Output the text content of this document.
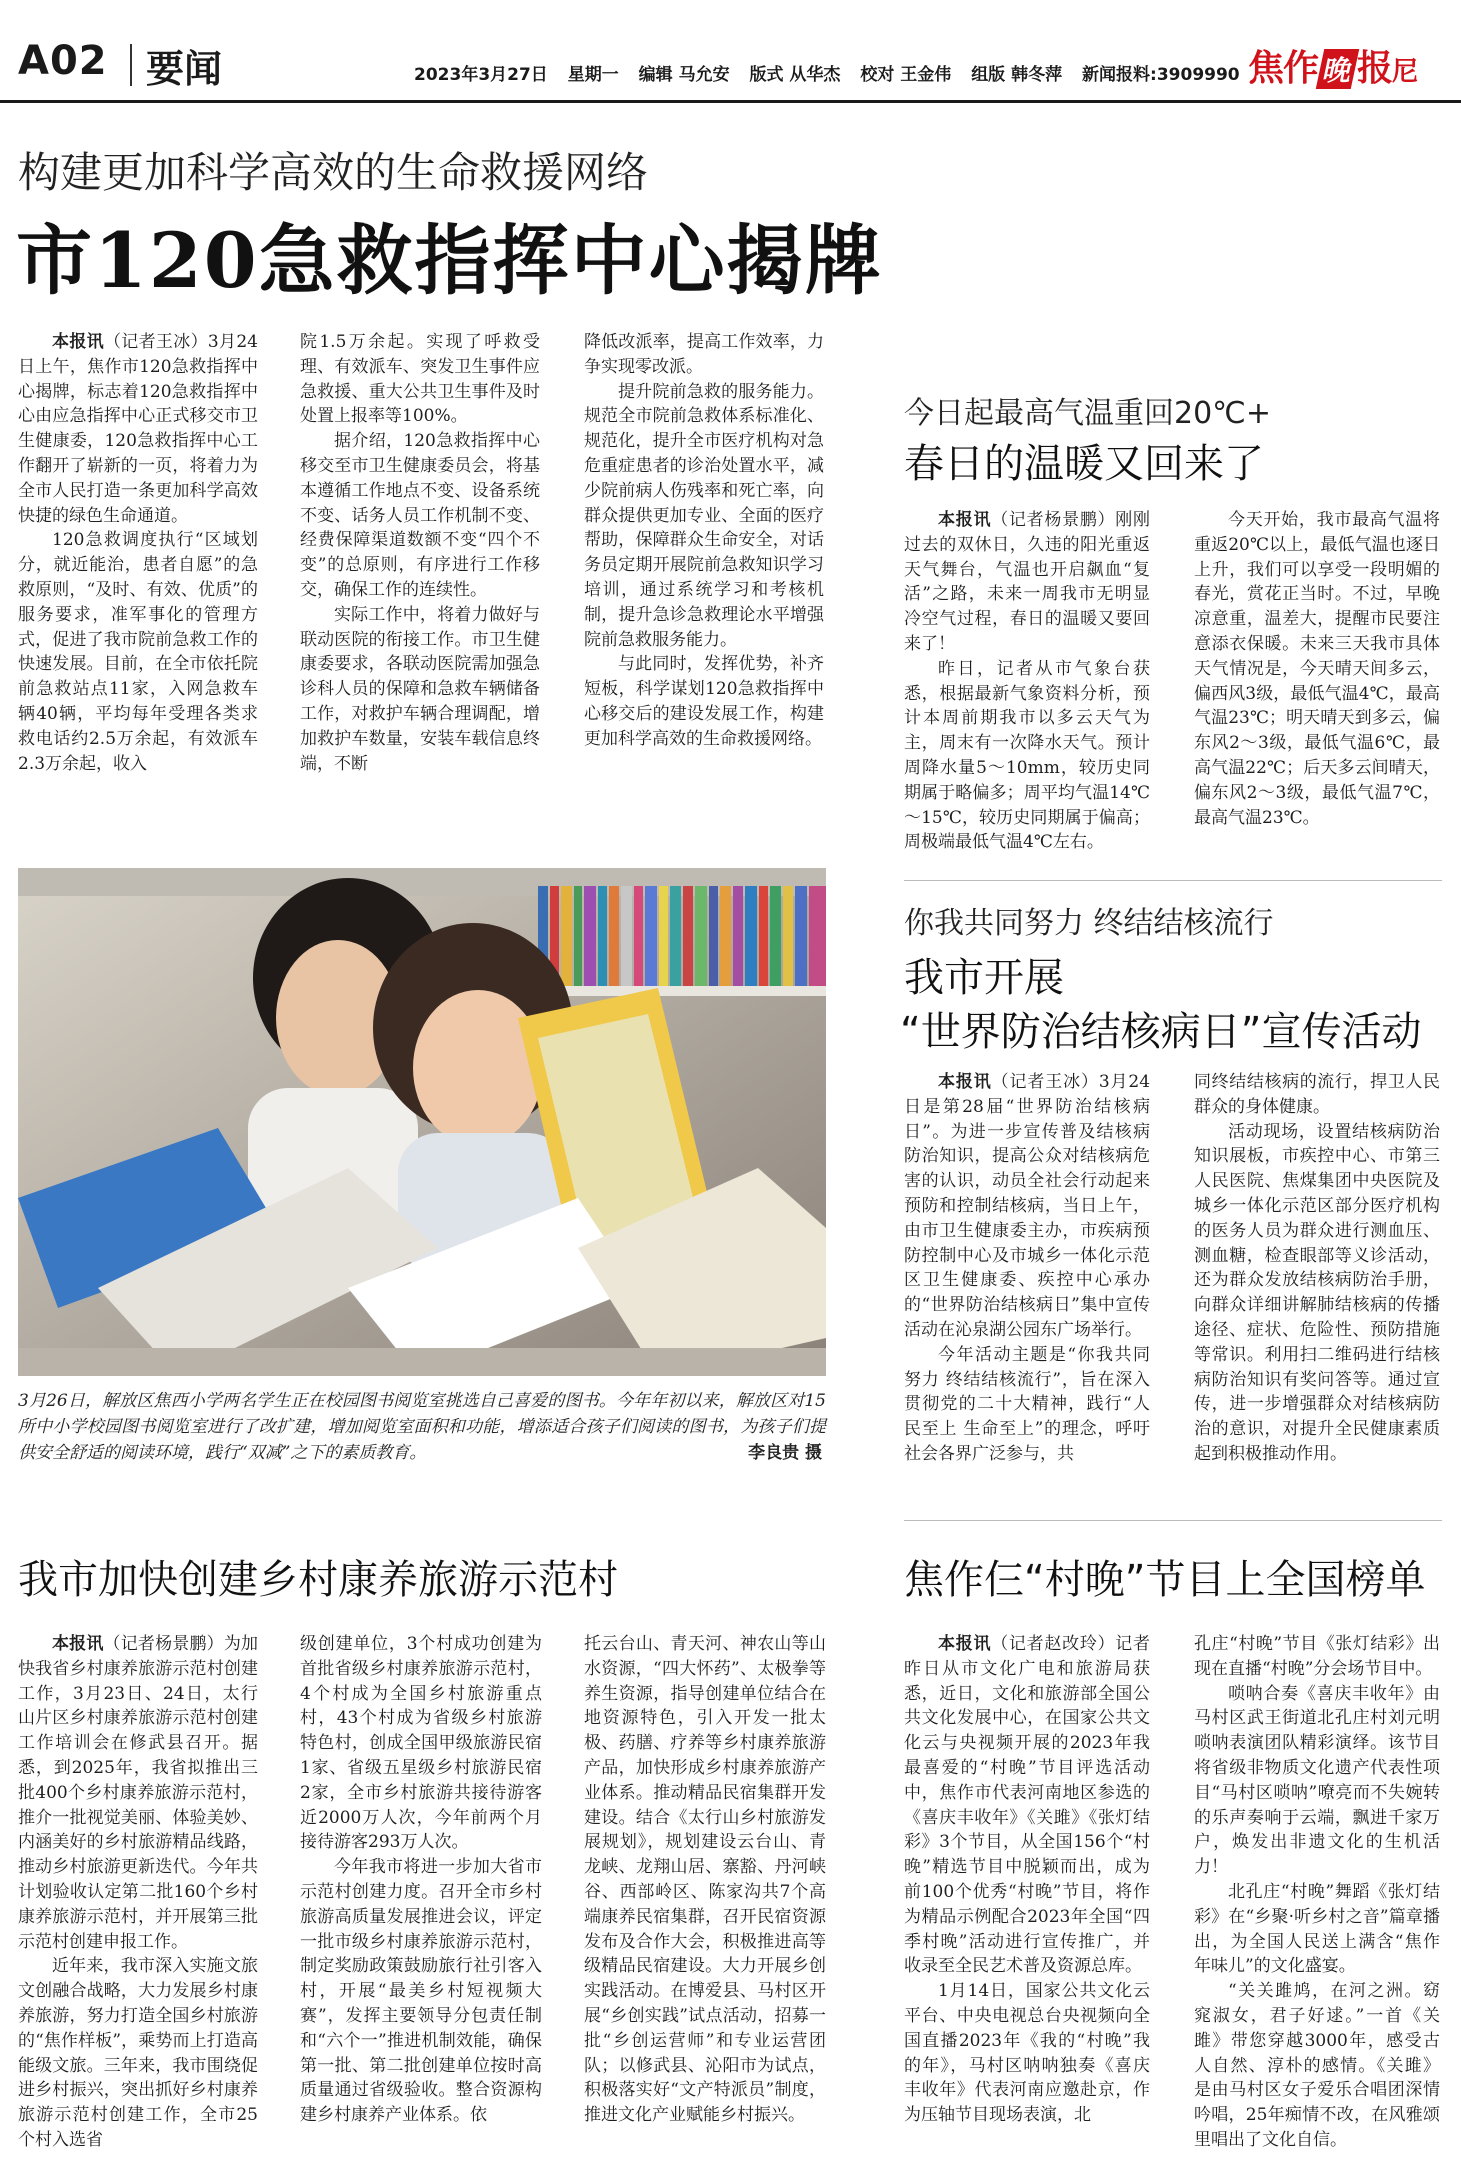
A02 要闻	2023年3月27日 星期一 编辑 马允安 版式 从华杰 校对 王金伟 组版 韩冬萍 新闻报料:3909990 焦作晚报尼
构建更加科学高效的生命救援网络
市120急救指挥中心揭牌

本报讯（记者王冰）3月24日上午，焦作市120急救指挥中心揭牌，标志着120急救指挥中心由应急指挥中心正式移交市卫生健康委，120急救指挥中心工作翻开了崭新的一页，将着力为全市人民打造一条更加科学高效快捷的绿色生命通道。

120急救调度执行“区域划分，就近能治，患者自愿”的急救原则，“及时、有效、优质”的服务要求，准军事化的管理方式，促进了我市院前急救工作的快速发展。目前，在全市依托院前急救站点11家，入网急救车辆40辆，平均每年受理各类求救电话约2.5万余起，有效派车2.3万余起，收入

院1.5万余起。实现了呼救受理、有效派车、突发卫生事件应急救援、重大公共卫生事件及时处置上报率等100%。

据介绍，120急救指挥中心移交至市卫生健康委员会，将基本遵循工作地点不变、设备系统不变、话务人员工作机制不变、经费保障渠道数额不变“四个不变”的总原则，有序进行工作移交，确保工作的连续性。

实际工作中，将着力做好与联动医院的衔接工作。市卫生健康委要求，各联动医院需加强急诊科人员的保障和急救车辆储备工作，对救护车辆合理调配，增加救护车数量，安装车载信息终端，不断

降低改派率，提高工作效率，力争实现零改派。

提升院前急救的服务能力。规范全市院前急救体系标准化、规范化，提升全市医疗机构对急危重症患者的诊治处置水平，减少院前病人伤残率和死亡率，向群众提供更加专业、全面的医疗帮助，保障群众生命安全，对话务员定期开展院前急救知识学习培训，通过系统学习和考核机制，提升急诊急救理论水平增强院前急救服务能力。

与此同时，发挥优势，补齐短板，科学谋划120急救指挥中心移交后的建设发展工作，构建更加科学高效的生命救援网络。

今日起最高气温重回20℃+
春日的温暖又回来了

本报讯（记者杨景鹏）刚刚过去的双休日，久违的阳光重返天气舞台，气温也开启飙血“复活”之路，未来一周我市无明显冷空气过程，春日的温暖又要回来了！

昨日，记者从市气象台获悉，根据最新气象资料分析，预计本周前期我市以多云天气为主，周末有一次降水天气。预计周降水量5～10mm，较历史同期属于略偏多；周平均气温14℃～15℃，较历史同期属于偏高；周极端最低气温4℃左右。

今天开始，我市最高气温将重返20℃以上，最低气温也逐日上升，我们可以享受一段明媚的春光，赏花正当时。不过，早晚凉意重，温差大，提醒市民要注意添衣保暖。未来三天我市具体天气情况是，今天晴天间多云，偏西风3级，最低气温4℃，最高气温23℃；明天晴天到多云，偏东风2～3级，最低气温6℃，最高气温22℃；后天多云间晴天，偏东风2～3级，最低气温7℃，最高气温23℃。

你我共同努力 终结结核流行
我市开展
“世界防治结核病日”宣传活动

本报讯（记者王冰）3月24日是第28届“世界防治结核病日”。为进一步宣传普及结核病防治知识，提高公众对结核病危害的认识，动员全社会行动起来预防和控制结核病，当日上午，由市卫生健康委主办，市疾病预防控制中心及市城乡一体化示范区卫生健康委、疾控中心承办的“世界防治结核病日”集中宣传活动在沁泉湖公园东广场举行。

今年活动主题是“你我共同努力 终结结核流行”，旨在深入贯彻党的二十大精神，践行“人民至上 生命至上”的理念，呼吁社会各界广泛参与，共

同终结结核病的流行，捍卫人民群众的身体健康。

活动现场，设置结核病防治知识展板，市疾控中心、市第三人民医院、焦煤集团中央医院及城乡一体化示范区部分医疗机构的医务人员为群众进行测血压、测血糖，检查眼部等义诊活动，还为群众发放结核病防治手册，向群众详细讲解肺结核病的传播途径、症状、危险性、预防措施等常识。利用扫二维码进行结核病防治知识有奖问答等。通过宣传，进一步增强群众对结核病防治的意识，对提升全民健康素质起到积极推动作用。

3月26日，解放区焦西小学两名学生正在校园图书阅览室挑选自己喜爱的图书。今年年初以来，解放区对15所中小学校园图书阅览室进行了改扩建，增加阅览室面积和功能，增添适合孩子们阅读的图书，为孩子们提供安全舒适的阅读环境，践行“双减”之下的素质教育。	李良贵 摄
我市加快创建乡村康养旅游示范村

本报讯（记者杨景鹏）为加快我省乡村康养旅游示范村创建工作，3月23日、24日，太行山片区乡村康养旅游示范村创建工作培训会在修武县召开。据悉，到2025年，我省拟推出三批400个乡村康养旅游示范村，推介一批视觉美丽、体验美妙、内涵美好的乡村旅游精品线路，推动乡村旅游更新迭代。今年共计划验收认定第二批160个乡村康养旅游示范村，并开展第三批示范村创建申报工作。

近年来，我市深入实施文旅文创融合战略，大力发展乡村康养旅游，努力打造全国乡村旅游的“焦作样板”，乘势而上打造高能级文旅。三年来，我市围绕促进乡村振兴，突出抓好乡村康养旅游示范村创建工作，全市25个村入选省

级创建单位，3个村成功创建为首批省级乡村康养旅游示范村，4个村成为全国乡村旅游重点村，43个村成为省级乡村旅游特色村，创成全国甲级旅游民宿1家、省级五星级乡村旅游民宿2家，全市乡村旅游共接待游客近2000万人次，今年前两个月接待游客293万人次。

今年我市将进一步加大省市示范村创建力度。召开全市乡村旅游高质量发展推进会议，评定一批市级乡村康养旅游示范村，制定奖励政策鼓励旅行社引客入村，开展“最美乡村短视频大赛”，发挥主要领导分包责任制和“六个一”推进机制效能，确保第一批、第二批创建单位按时高质量通过省级验收。整合资源构建乡村康养产业体系。依

托云台山、青天河、神农山等山水资源，“四大怀药”、太极拳等养生资源，指导创建单位结合在地资源特色，引入开发一批太极、药膳、疗养等乡村康养旅游产品，加快形成乡村康养旅游产业体系。推动精品民宿集群开发建设。结合《太行山乡村旅游发展规划》，规划建设云台山、青龙峡、龙翔山居、寨豁、丹河峡谷、西部岭区、陈家沟共7个高端康养民宿集群，召开民宿资源发布及合作大会，积极推进高等级精品民宿建设。大力开展乡创实践活动。在博爱县、马村区开展“乡创实践”试点活动，招募一批“乡创运营师”和专业运营团队；以修武县、沁阳市为试点，积极落实好“文产特派员”制度，推进文化产业赋能乡村振兴。

焦作仨“村晚”节目上全国榜单

本报讯（记者赵改玲）记者昨日从市文化广电和旅游局获悉，近日，文化和旅游部全国公共文化发展中心，在国家公共文化云与央视频开展的2023年我最喜爱的“村晚”节目评选活动中，焦作市代表河南地区参选的《喜庆丰收年》《关雎》《张灯结彩》3个节目，从全国156个“村晚”精选节目中脱颖而出，成为前100个优秀“村晚”节目，将作为精品示例配合2023年全国“四季村晚”活动进行宣传推广，并收录至全民艺术普及资源总库。

1月14日，国家公共文化云平台、中央电视总台央视频向全国直播2023年《我的“村晚”我的年》，马村区呐呐独奏《喜庆丰收年》代表河南应邀赴京，作为压轴节目现场表演，北

孔庄“村晚”节目《张灯结彩》出现在直播“村晚”分会场节目中。

唢呐合奏《喜庆丰收年》由马村区武王街道北孔庄村刘元明唢呐表演团队精彩演绎。该节目将省级非物质文化遗产代表性项目“马村区唢呐”嘹亮而不失婉转的乐声奏响于云端，飘进千家万户，焕发出非遗文化的生机活力！

北孔庄“村晚”舞蹈《张灯结彩》在“乡聚·听乡村之音”篇章播出，为全国人民送上满含“焦作年味儿”的文化盛宴。

“关关雎鸠，在河之洲。窈窕淑女，君子好逑。”一首《关雎》带您穿越3000年，感受古人自然、淳朴的感情。《关雎》是由马村区女子爱乐合唱团深情吟唱，25年痴情不改，在风雅颂里唱出了文化自信。
